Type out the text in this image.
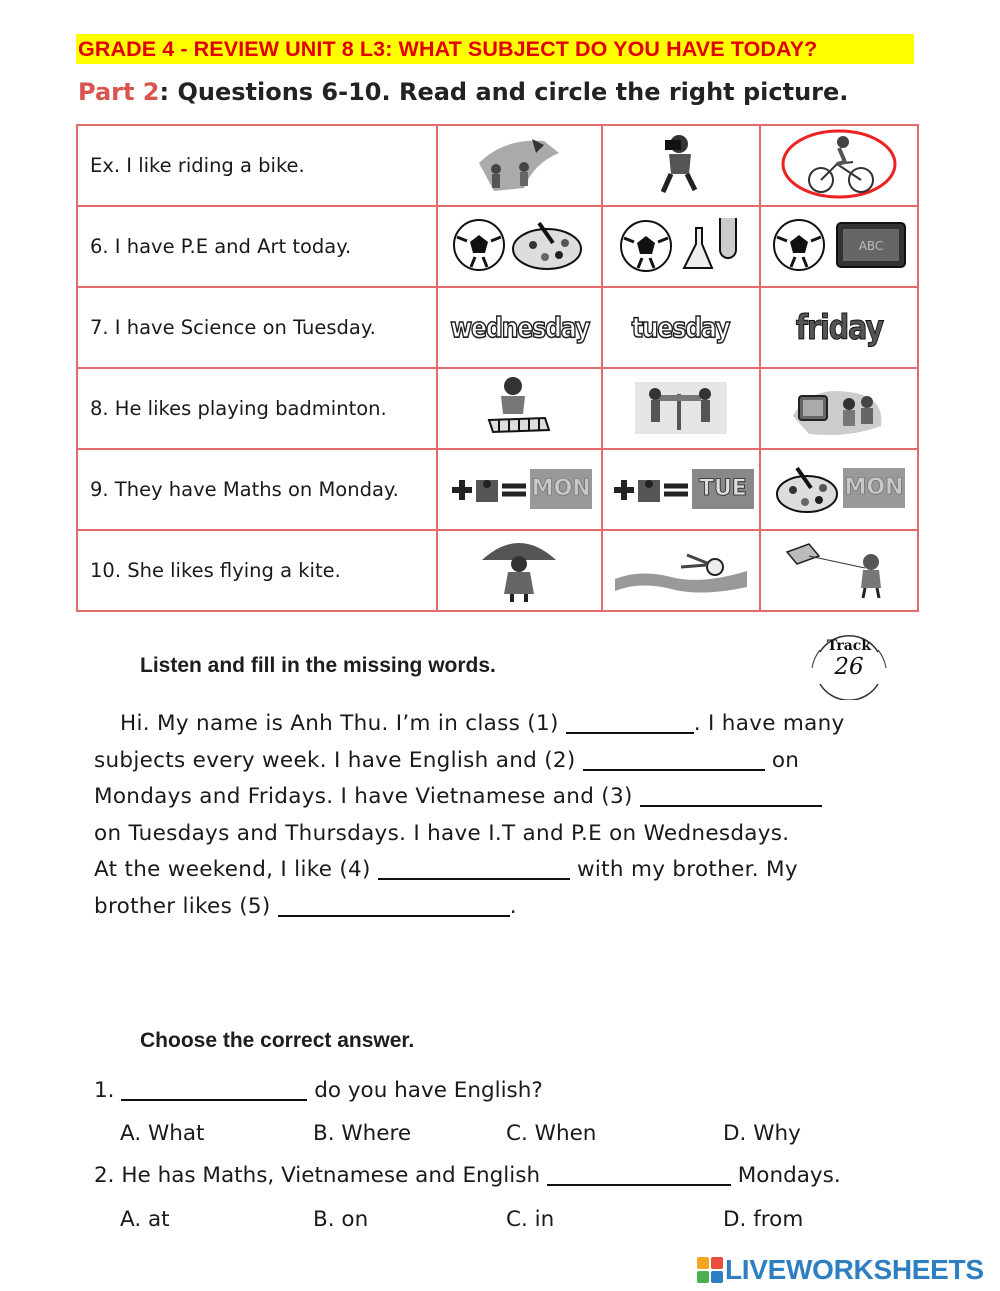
GRADE 4 - REVIEW UNIT 8 L3: WHAT SUBJECT DO YOU HAVE TODAY?
Part 2: Questions 6-10. Read and circle the right picture.
Ex. I like riding a bike.			
6. I have P.E and Art today.			ABC

7. I have Science on Tuesday.	wednesday	tuesday	friday
8. He likes playing badminton.			
9. They have Maths on Monday.	MON	TUE	MON
10. She likes flying a kite.			
Track
26
Listen and fill in the missing words.
Hi. My name is Anh Thu. I’m in class (1)	. I have many
subjects every week. I have English and (2)	on
Mondays and Fridays. I have Vietnamese and (3)
on Tuesdays and Thursdays. I have I.T and P.E on Wednesdays.
At the weekend, I like (4)	with my brother. My
brother likes (5)	.
Choose the correct answer.
1.	do you have English?
A. What	B. Where	C. When	D. Why
2. He has Maths, Vietnamese and English	Mondays.
A. at	B. on	C. in	D. from
LIVEWORKSHEETS
